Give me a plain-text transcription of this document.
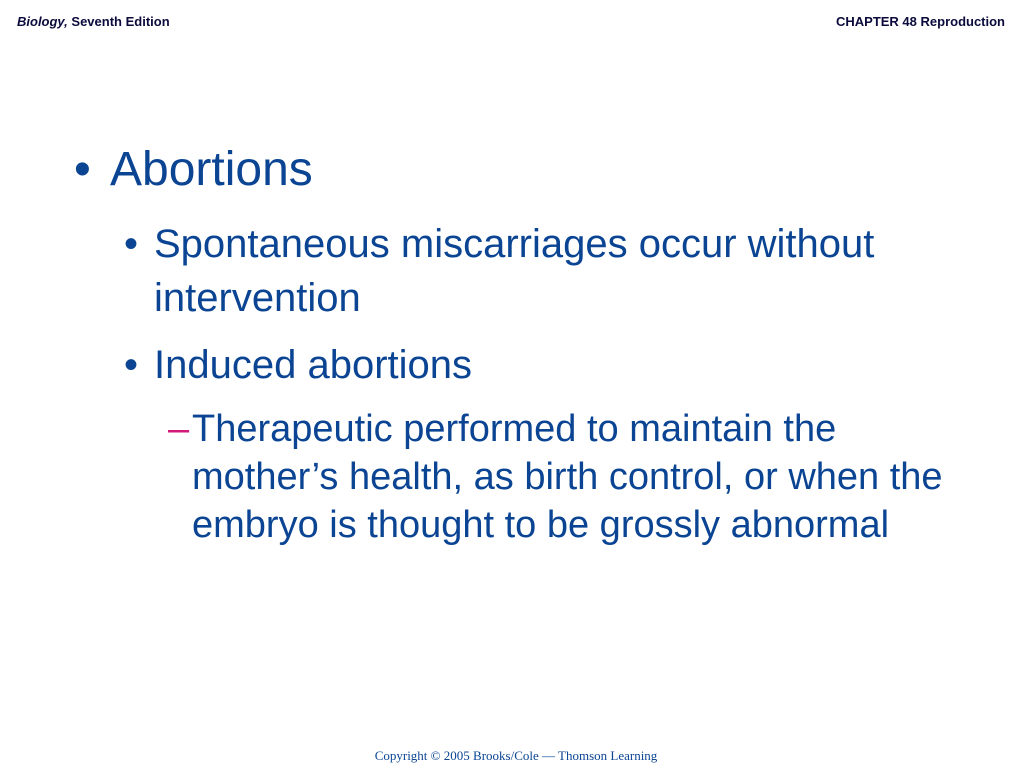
Biology, Seventh Edition	CHAPTER 48 Reproduction
• Abortions
• Spontaneous miscarriages occur without intervention
• Induced abortions
– Therapeutic performed to maintain the mother’s health, as birth control, or when the embryo is thought to be grossly abnormal
Copyright © 2005 Brooks/Cole — Thomson Learning
